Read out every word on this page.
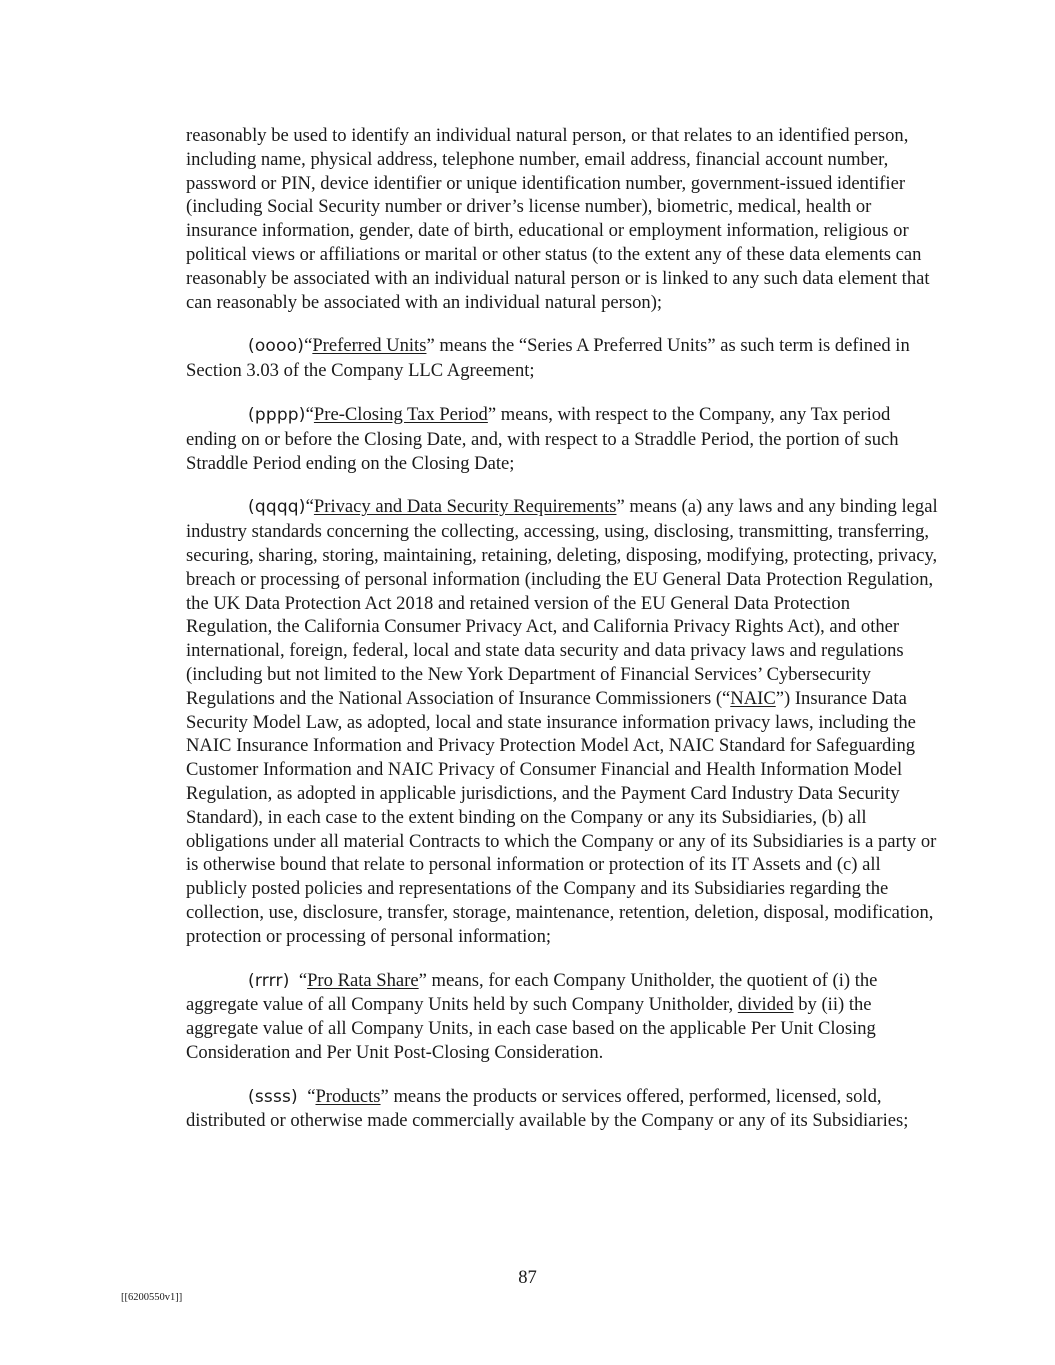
reasonably be used to identify an individual natural person, or that relates to an identified person, including name, physical address, telephone number, email address, financial account number, password or PIN, device identifier or unique identification number, government-issued identifier (including Social Security number or driver’s license number), biometric, medical, health or insurance information, gender, date of birth, educational or employment information, religious or political views or affiliations or marital or other status (to the extent any of these data elements can reasonably be associated with an individual natural person or is linked to any such data element that can reasonably be associated with an individual natural person);

(oooo)“Preferred Units” means the “Series A Preferred Units” as such term is defined in Section 3.03 of the Company LLC Agreement;

(pppp)“Pre-Closing Tax Period” means, with respect to the Company, any Tax period ending on or before the Closing Date, and, with respect to a Straddle Period, the portion of such Straddle Period ending on the Closing Date;

(qqqq)“Privacy and Data Security Requirements” means (a) any laws and any binding legal industry standards concerning the collecting, accessing, using, disclosing, transmitting, transferring, securing, sharing, storing, maintaining, retaining, deleting, disposing, modifying, protecting, privacy, breach or processing of personal information (including the EU General Data Protection Regulation, the UK Data Protection Act 2018 and retained version of the EU General Data Protection Regulation, the California Consumer Privacy Act, and California Privacy Rights Act), and other international, foreign, federal, local and state data security and data privacy laws and regulations (including but not limited to the New York Department of Financial Services’ Cybersecurity Regulations and the National Association of Insurance Commissioners (“NAIC”) Insurance Data Security Model Law, as adopted, local and state insurance information privacy laws, including the NAIC Insurance Information and Privacy Protection Model Act, NAIC Standard for Safeguarding Customer Information and NAIC Privacy of Consumer Financial and Health Information Model Regulation, as adopted in applicable jurisdictions, and the Payment Card Industry Data Security Standard), in each case to the extent binding on the Company or any its Subsidiaries, (b) all obligations under all material Contracts to which the Company or any of its Subsidiaries is a party or is otherwise bound that relate to personal information or protection of its IT Assets and (c) all publicly posted policies and representations of the Company and its Subsidiaries regarding the collection, use, disclosure, transfer, storage, maintenance, retention, deletion, disposal, modification, protection or processing of personal information;

(rrrr)  “Pro Rata Share” means, for each Company Unitholder, the quotient of (i) the aggregate value of all Company Units held by such Company Unitholder, divided by (ii) the aggregate value of all Company Units, in each case based on the applicable Per Unit Closing Consideration and Per Unit Post-Closing Consideration.

(ssss)  “Products” means the products or services offered, performed, licensed, sold, distributed or otherwise made commercially available by the Company or any of its Subsidiaries;

87
[[6200550v1]]
